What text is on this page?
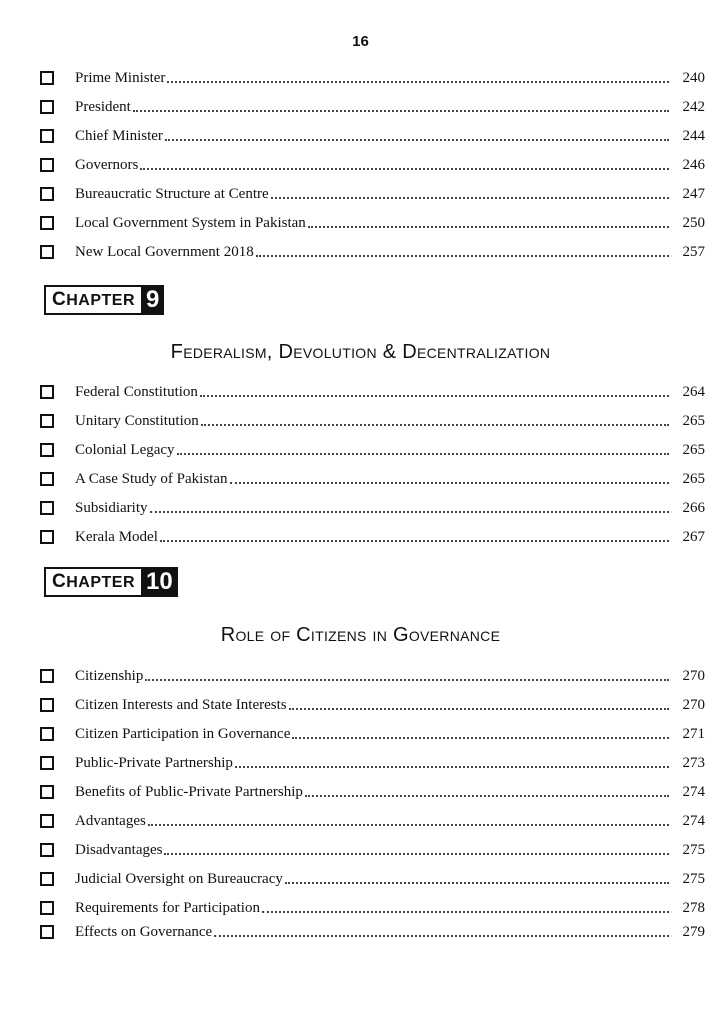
16
Prime Minister	240
President	242
Chief Minister	244
Governors	246
Bureaucratic Structure at Centre	247
Local Government System in Pakistan	250
New Local Government 2018	257
CHAPTER 9
Federalism, Devolution & Decentralization
Federal Constitution	264
Unitary Constitution	265
Colonial Legacy	265
A Case Study of Pakistan	265
Subsidiarity	266
Kerala Model	267
CHAPTER 10
Role of Citizens in Governance
Citizenship	270
Citizen Interests and State Interests	270
Citizen Participation in Governance	271
Public-Private Partnership	273
Benefits of Public-Private Partnership	274
Advantages	274
Disadvantages	275
Judicial Oversight on Bureaucracy	275
Requirements for Participation	278
Effects on Governance	279
